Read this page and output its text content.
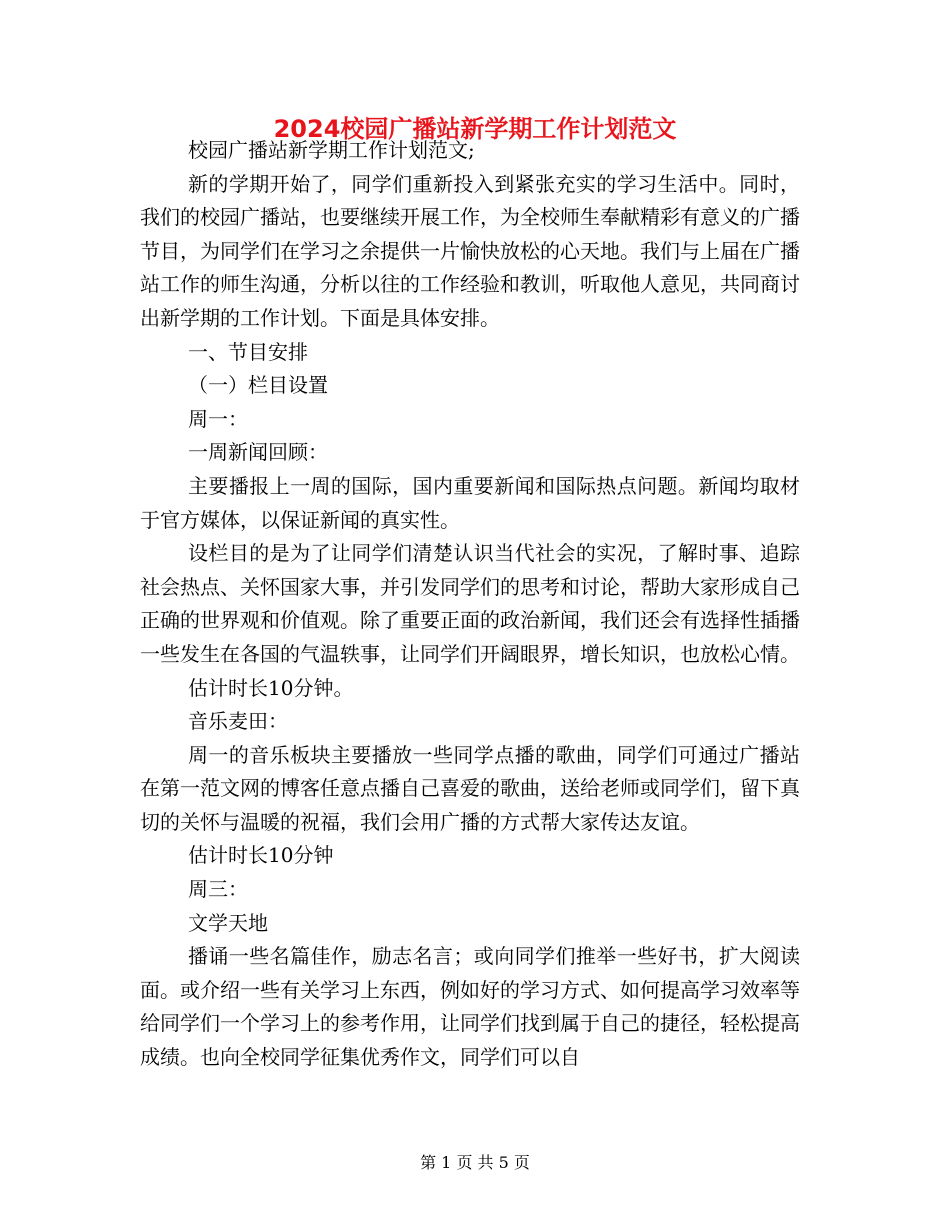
2024校园广播站新学期工作计划范文

校园广播站新学期工作计划范文;

新的学期开始了，同学们重新投入到紧张充实的学习生活中。同时，我们的校园广播站，也要继续开展工作，为全校师生奉献精彩有意义的广播节目，为同学们在学习之余提供一片愉快放松的心天地。我们与上届在广播站工作的师生沟通，分析以往的工作经验和教训，听取他人意见，共同商讨出新学期的工作计划。下面是具体安排。

一、节目安排

（一）栏目设置

周一：

一周新闻回顾：

主要播报上一周的国际，国内重要新闻和国际热点问题。新闻均取材于官方媒体，以保证新闻的真实性。

设栏目的是为了让同学们清楚认识当代社会的实况，了解时事、追踪社会热点、关怀国家大事，并引发同学们的思考和讨论，帮助大家形成自己正确的世界观和价值观。除了重要正面的政治新闻，我们还会有选择性插播一些发生在各国的气温轶事，让同学们开阔眼界，增长知识，也放松心情。

估计时长10分钟。

音乐麦田：

周一的音乐板块主要播放一些同学点播的歌曲，同学们可通过广播站在第一范文网的博客任意点播自己喜爱的歌曲，送给老师或同学们，留下真切的关怀与温暖的祝福，我们会用广播的方式帮大家传达友谊。

估计时长10分钟

周三：

文学天地

播诵一些名篇佳作，励志名言；或向同学们推举一些好书，扩大阅读面。或介绍一些有关学习上东西，例如好的学习方式、如何提高学习效率等给同学们一个学习上的参考作用，让同学们找到属于自己的捷径，轻松提高成绩。也向全校同学征集优秀作文，同学们可以自

第 1 页 共 5 页
